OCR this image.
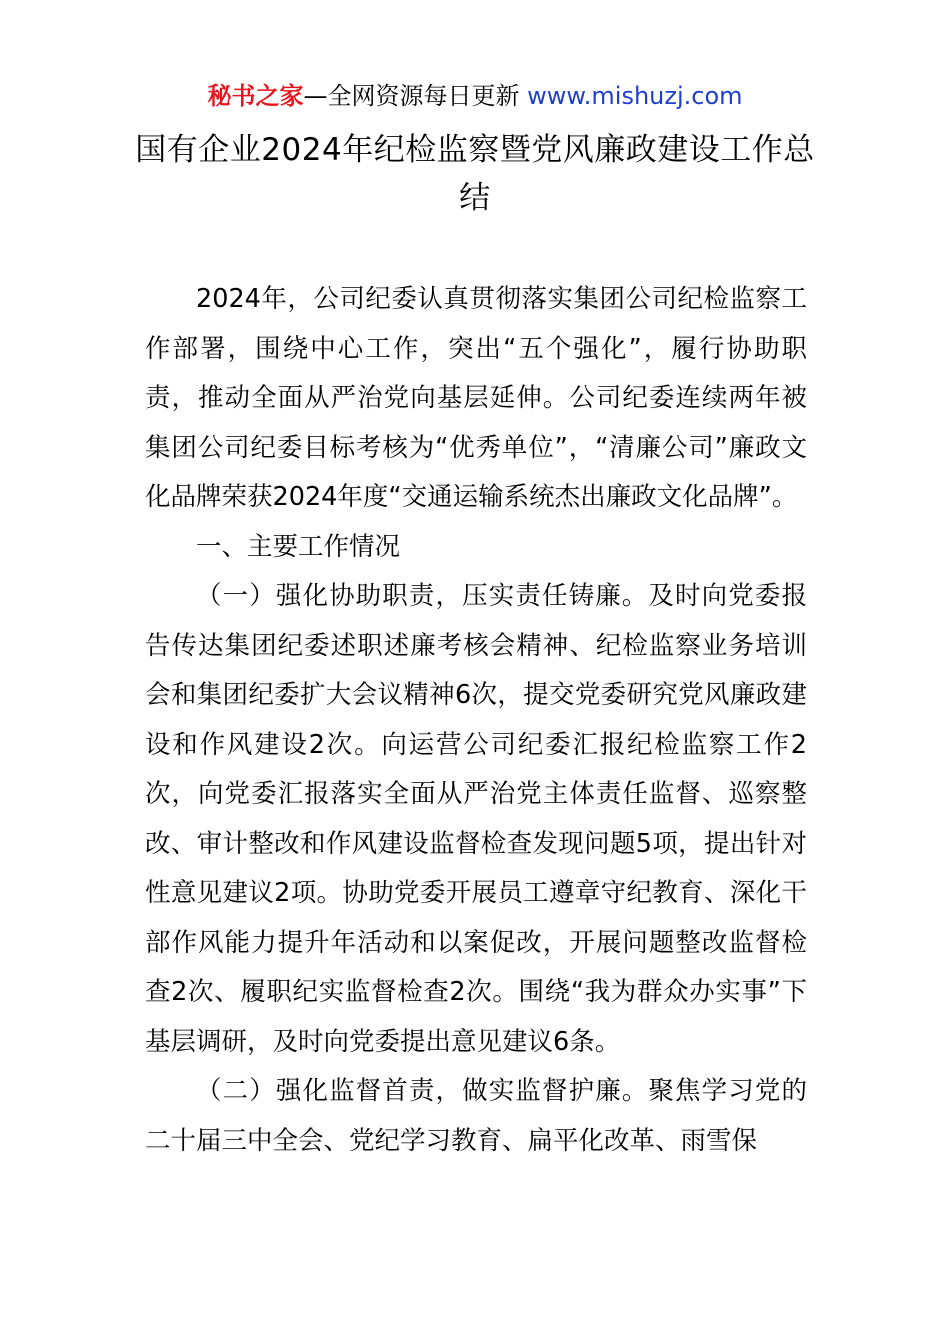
秘书之家—全网资源每日更新 www.mishuzj.com
国有企业2024年纪检监察暨党风廉政建设工作总结

2024年，公司纪委认真贯彻落实集团公司纪检监察工作部署，围绕中心工作，突出“五个强化”，履行协助职责，推动全面从严治党向基层延伸。公司纪委连续两年被集团公司纪委目标考核为“优秀单位”，“清廉公司”廉政文化品牌荣获2024年度“交通运输系统杰出廉政文化品牌”。

一、主要工作情况

（一）强化协助职责，压实责任铸廉。及时向党委报告传达集团纪委述职述廉考核会精神、纪检监察业务培训会和集团纪委扩大会议精神6次，提交党委研究党风廉政建设和作风建设2次。向运营公司纪委汇报纪检监察工作2次，向党委汇报落实全面从严治党主体责任监督、巡察整改、审计整改和作风建设监督检查发现问题5项，提出针对性意见建议2项。协助党委开展员工遵章守纪教育、深化干部作风能力提升年活动和以案促改，开展问题整改监督检查2次、履职纪实监督检查2次。围绕“我为群众办实事”下基层调研，及时向党委提出意见建议6条。

（二）强化监督首责，做实监督护廉。聚焦学习党的二十届三中全会、党纪学习教育、扁平化改革、雨雪保
